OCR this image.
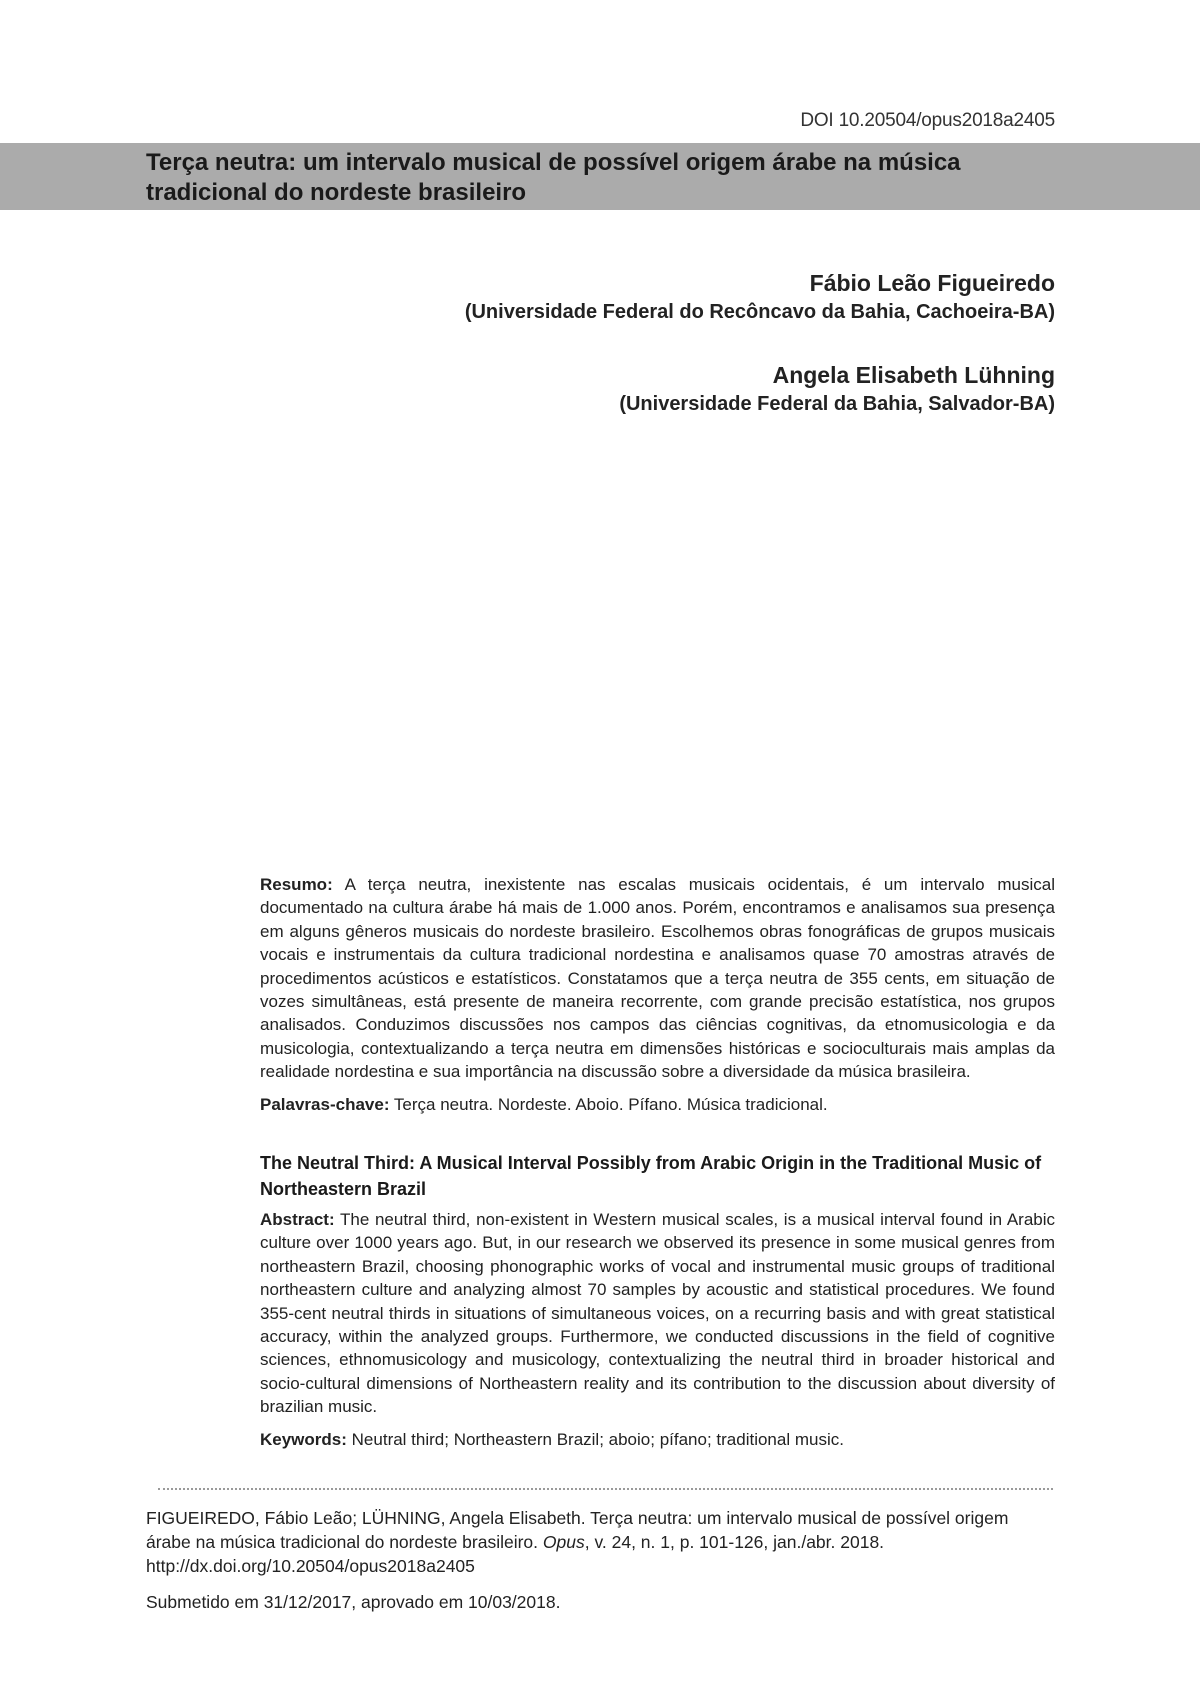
DOI 10.20504/opus2018a2405
Terça neutra: um intervalo musical de possível origem árabe na música tradicional do nordeste brasileiro
Fábio Leão Figueiredo
(Universidade Federal do Recôncavo da Bahia, Cachoeira-BA)
Angela Elisabeth Lühning
(Universidade Federal da Bahia, Salvador-BA)

Resumo: A terça neutra, inexistente nas escalas musicais ocidentais, é um intervalo musical documentado na cultura árabe há mais de 1.000 anos. Porém, encontramos e analisamos sua presença em alguns gêneros musicais do nordeste brasileiro. Escolhemos obras fonográficas de grupos musicais vocais e instrumentais da cultura tradicional nordestina e analisamos quase 70 amostras através de procedimentos acústicos e estatísticos. Constatamos que a terça neutra de 355 cents, em situação de vozes simultâneas, está presente de maneira recorrente, com grande precisão estatística, nos grupos analisados. Conduzimos discussões nos campos das ciências cognitivas, da etnomusicologia e da musicologia, contextualizando a terça neutra em dimensões históricas e socioculturais mais amplas da realidade nordestina e sua importância na discussão sobre a diversidade da música brasileira.

Palavras-chave: Terça neutra. Nordeste. Aboio. Pífano. Música tradicional.

The Neutral Third: A Musical Interval Possibly from Arabic Origin in the Traditional Music of Northeastern Brazil

Abstract: The neutral third, non-existent in Western musical scales, is a musical interval found in Arabic culture over 1000 years ago. But, in our research we observed its presence in some musical genres from northeastern Brazil, choosing phonographic works of vocal and instrumental music groups of traditional northeastern culture and analyzing almost 70 samples by acoustic and statistical procedures. We found 355-cent neutral thirds in situations of simultaneous voices, on a recurring basis and with great statistical accuracy, within the analyzed groups. Furthermore, we conducted discussions in the field of cognitive sciences, ethnomusicology and musicology, contextualizing the neutral third in broader historical and socio-cultural dimensions of Northeastern reality and its contribution to the discussion about diversity of brazilian music.

Keywords: Neutral third; Northeastern Brazil; aboio; pífano; traditional music.

FIGUEIREDO, Fábio Leão; LÜHNING, Angela Elisabeth. Terça neutra: um intervalo musical de possível origem árabe na música tradicional do nordeste brasileiro. Opus, v. 24, n. 1, p. 101-126, jan./abr. 2018.
http://dx.doi.org/10.20504/opus2018a2405

Submetido em 31/12/2017, aprovado em 10/03/2018.
